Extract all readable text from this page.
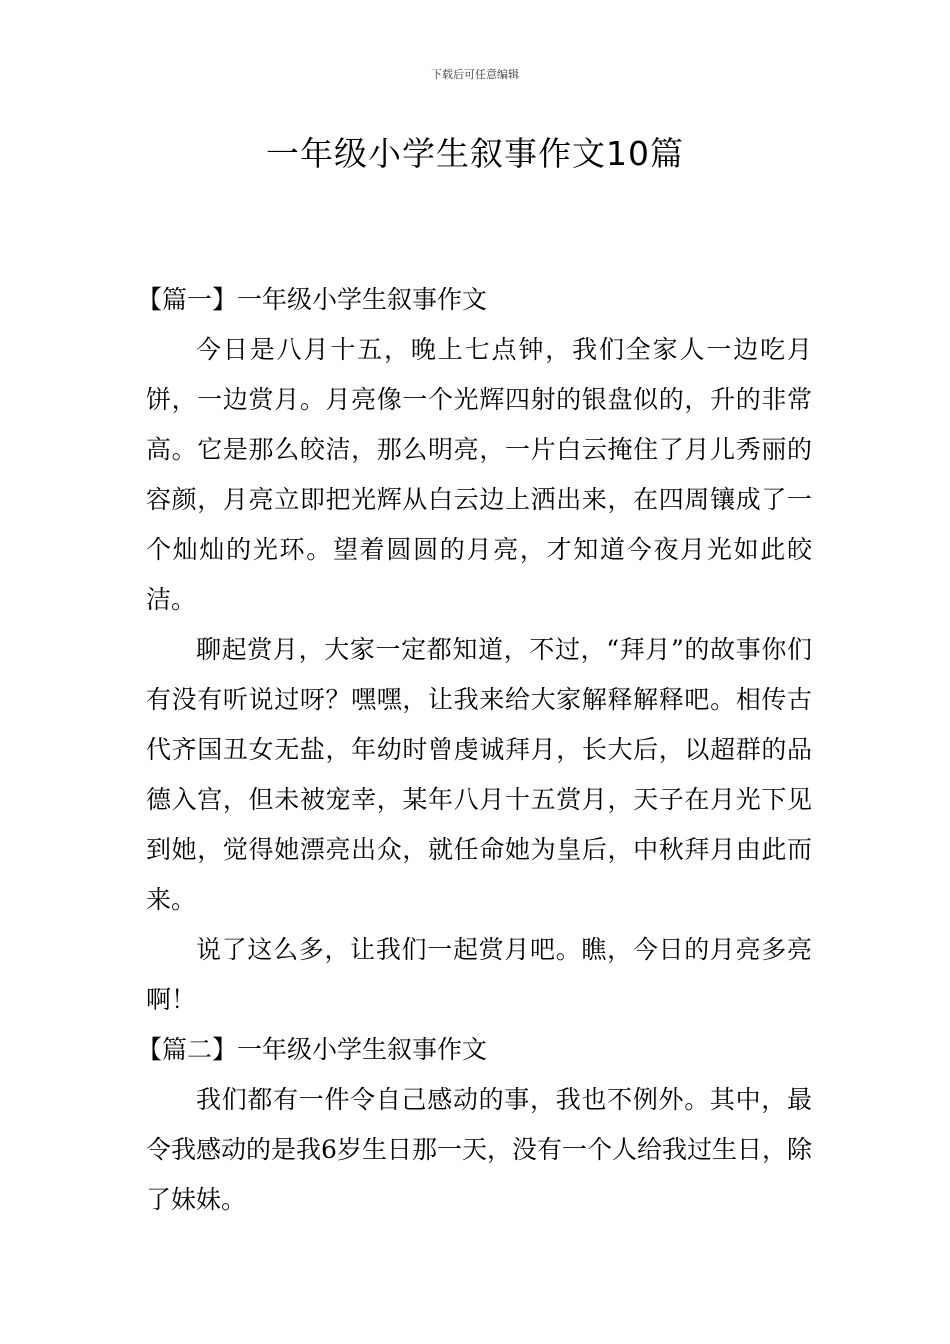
下载后可任意编辑
一年级小学生叙事作文10篇

【篇一】一年级小学生叙事作文

今日是八月十五，晚上七点钟，我们全家人一边吃月饼，一边赏月。月亮像一个光辉四射的银盘似的，升的非常高。它是那么皎洁，那么明亮，一片白云掩住了月儿秀丽的容颜，月亮立即把光辉从白云边上洒出来，在四周镶成了一个灿灿的光环。望着圆圆的月亮，才知道今夜月光如此皎洁。

聊起赏月，大家一定都知道，不过，“拜月”的故事你们有没有听说过呀？嘿嘿，让我来给大家解释解释吧。相传古代齐国丑女无盐，年幼时曾虔诚拜月，长大后，以超群的品德入宫，但未被宠幸，某年八月十五赏月，天子在月光下见到她，觉得她漂亮出众，就任命她为皇后，中秋拜月由此而来。

说了这么多，让我们一起赏月吧。瞧，今日的月亮多亮啊！

【篇二】一年级小学生叙事作文

我们都有一件令自己感动的事，我也不例外。其中，最令我感动的是我6岁生日那一天，没有一个人给我过生日，除了妹妹。
